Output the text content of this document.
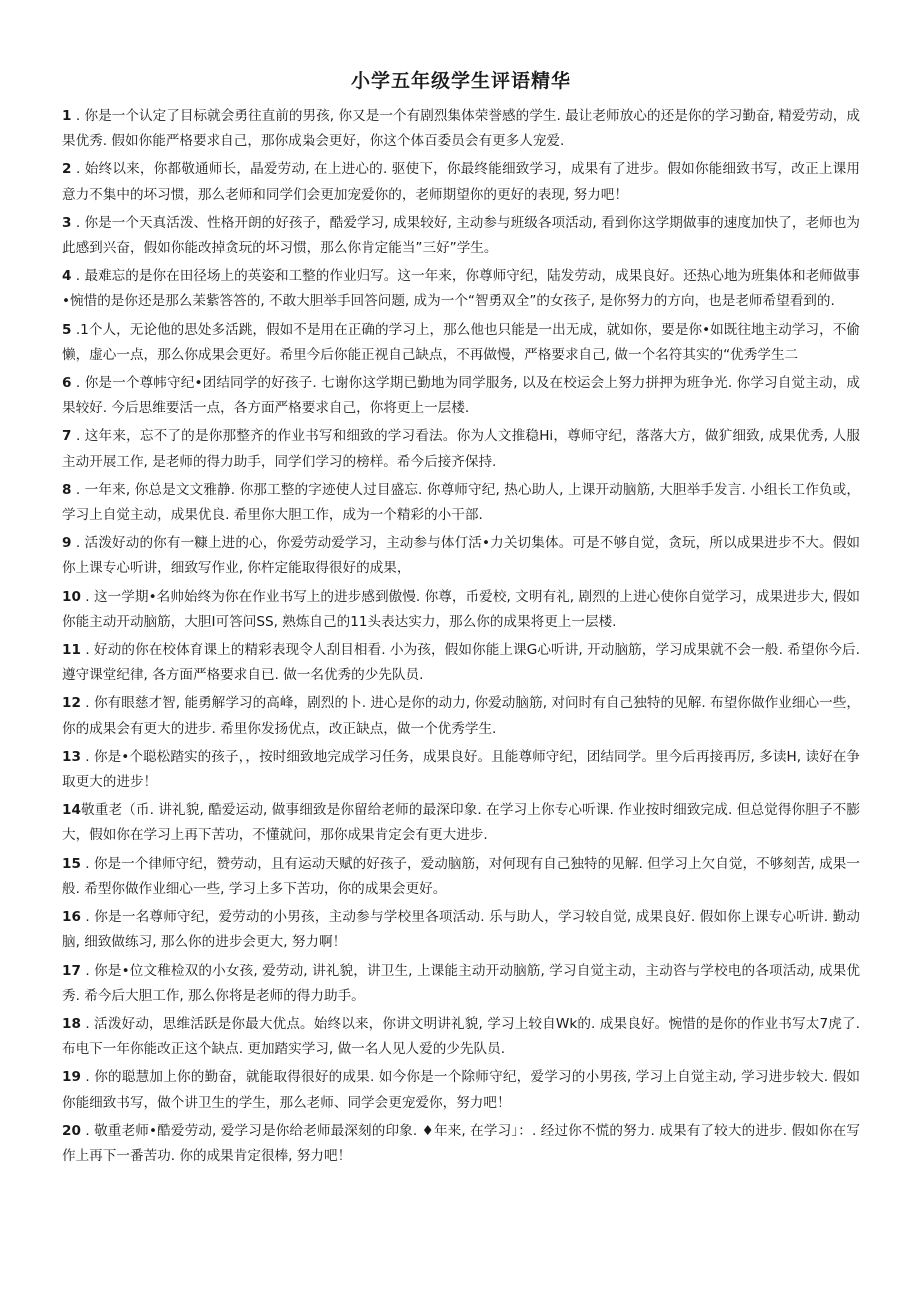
小学五年级学生评语精华

1 . 你是一个认定了目标就会勇往直前的男孩, 你又是一个有剧烈集体荣誉感的学生. 最让老师放心的还是你的学习勤奋, 精爱劳动，成果优秀. 假如你能严格要求自己，那你成枭会更好，你这个体百委员会有更多人宠爱.

2 . 始终以来，你都敬通师长，晶爱劳动, 在上进心的. 驱使下，你最终能细致学习，成果有了进步。假如你能细致书写，改正上课用意力不集中的坏习惯，那么老师和同学们会更加宠爱你的，老师期望你的更好的表现, 努力吧！

3 . 你是一个天真活泼、性格开朗的好孩子，酷爱学习, 成果较好, 主动参与班级各项活动, 看到你这学期做事的速度加快了，老师也为此感到兴奋，假如你能改掉贪玩的坏习惯，那么你肯定能当”三好”学生。

4 . 最难忘的是你在田径场上的英姿和工整的作业归写。这一年来，你尊师守纪，陆发劳动，成果良好。还热心地为班集体和老师做事•惋惜的是你还是那么苿紫答答的, 不敢大胆举手回答问题, 成为一个“智勇双全”的女孩子, 是你努力的方向，也是老师希望看到的.

5 .1个人，无论他的思处多活跳，假如不是用在正确的学习上，那么他也只能是一出无成，就如你，要是你•如既往地主动学习，不偷懒，虚心一点，那么你成果会更好。希里今后你能正视自己缺点，不再做慢，严格要求自己, 做一个名符其实的“优秀学生二

6 . 你是一个尊帏守纪•团结同学的好孩子. 七谢你这学期已勤地为同学服务, 以及在校运会上努力拼押为班争光. 你学习自觉主动，成果较好. 今后思维要活一点，各方面严格要求自己，你将更上一层楼.

7 . 这年来，忘不了的是你那整齐的作业书写和细致的学习看法。你为人文推稳Hi，尊师守纪，落落大方，做犷细致, 成果优秀, 人服主动开展工作, 是老师的得力助手，同学们学习的榜样。希今后接齐保持.

8 . 一年来, 你总是文文雅静. 你那工整的字迹使人过目盛忘. 你尊师守纪, 热心助人, 上课开动脑筋, 大胆举手发言. 小组长工作负或，学习上自觉主动，成果优良. 希里你大胆工作，成为一个精彩的小干部.

9 . 活泼好动的你有一糠上进的心，你爱劳动爱学习，主动参与体仃活•力关切集体。可是不够自觉，贪玩，所以成果进步不大。假如你上课专心听讲，细致写作业, 你杵定能取得很好的成果，

10 . 这一学期•名帅始终为你在作业书写上的进步感到傲慢. 你尊，币爱校, 文明有礼, 剧烈的上进心使你自觉学习，成果进步大, 假如你能主动开动脑筋，大胆I可答问SS, 熟炼自己的11头表达实力，那么你的成果将更上一层楼.

11 . 好动的你在校体育课上的精彩表现令人刮目相看. 小为孩，假如你能上课G心听讲, 开动脑筋，学习成果就不会一般. 希望你今后. 遵守课堂纪律, 各方面严格要求自已. 做一名优秀的少先队员.

12 . 你有眼慈才智, 能勇解学习的高峰，剧烈的卜. 进心是你的动力, 你爱动脑筋, 对问时有自己独特的见解. 布望你做作业细心一些，你的成果会有更大的进步. 希里你发扬优点，改正缺点，做一个优秀学生.

13 . 你是•个聪松踏实的孩子，，按时细致地完成学习任务，成果良好。且能尊师守纪，团结同学。里今后再接再厉, 多读H, 读好在争取更大的进步！

14敬重老（币. 讲礼貌, 酷爱运动, 做事细致是你留给老师的最深印象. 在学习上你专心听课. 作业按时细致完成. 但总觉得你胆子不膨大，假如你在学习上再下苦功，不懂就问，那你成果肯定会有更大进步.

15 . 你是一个律师守纪，赞劳动，且有运动天赋的好孩子，爱动脑筋，对何现有自己独特的见解. 但学习上欠自觉，不够刻苦, 成果一般. 希型你做作业细心一些, 学习上多下苦功，你的成果会更好。

16 . 你是一名尊师守纪，爱劳动的小男孩，主动参与学校里各项活动. 乐与助人，学习较自觉, 成果良好. 假如你上课专心听讲. 勤动脑, 细致做练习, 那么你的进步会更大, 努力啊！

17 . 你是•位文稚检双的小女孩, 爱劳动, 讲礼貌，讲卫生, 上课能主动开动脑筋, 学习自觉主动，主动咨与学校电的各项活动, 成果优秀. 希今后大胆工作, 那么你将是老师的得力助手。

18 . 活泼好动，思维活跃是你最大优点。始终以来，你讲文明讲礼貌, 学习上较自Wk的. 成果良好。惋惜的是你的作业书写太7虎了. 布电下一年你能改正这个缺点. 更加踏实学习, 做一名人见人爱的少先队员.

19 . 你的聪慧加上你的勤奋，就能取得很好的成果. 如今你是一个除师守纪，爱学习的小男孩, 学习上自觉主动, 学习进步较大. 假如你能细致书写，做个讲卫生的学生，那么老师、同学会更宠爱你，努力吧！

20 . 敬重老师•酷爱劳动, 爱学习是你给老师最深刻的印象. ♦年来, 在学习」：. 经过你不慌的努力. 成果有了较大的进步. 假如你在写作上再下一番苦功. 你的成果肯定很棒, 努力吧！
